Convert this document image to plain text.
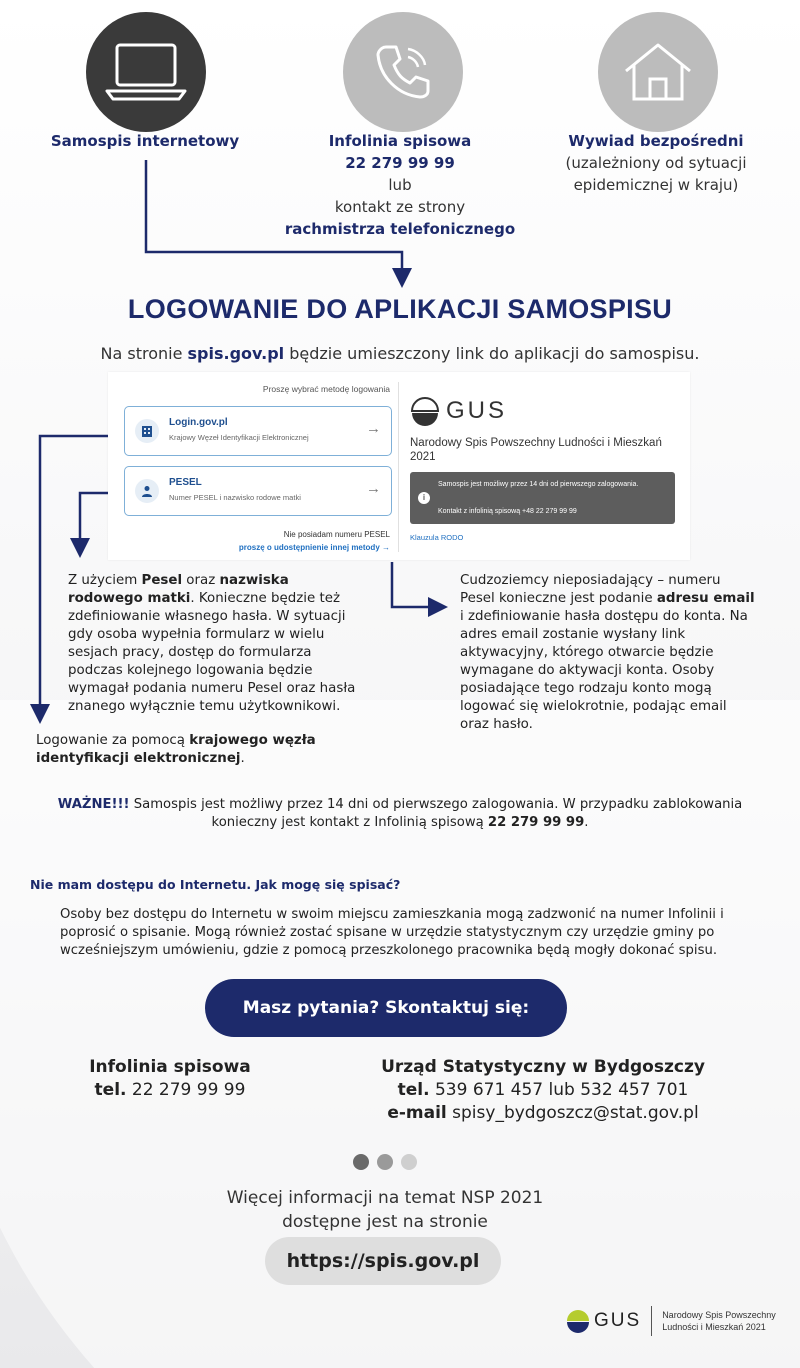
Samospis internetowy	Infolinia spisowa
22 279 99 99
lub
kontakt ze strony
rachmistrza telefonicznego
Wywiad bezpośredni
(uzależniony od sytuacji
epidemicznej w kraju)
LOGOWANIE DO APLIKACJI SAMOSPISU
Na stronie spis.gov.pl będzie umieszczony link do aplikacji do samospisu.
Proszę wybrać metodę logowania
Login.gov.pl
Krajowy Węzeł Identyfikacji Elektronicznej
→
PESEL
Numer PESEL i nazwisko rodowe matki
→
Nie posiadam numeru PESEL
proszę o udostępnienie innej metody →
GUS
Narodowy Spis Powszechny Ludności i Mieszkań 2021
i
Samospis jest możliwy przez 14 dni od pierwszego zalogowania.
Kontakt z infolinią spisową +48 22 279 99 99
Klauzula RODO
Z użyciem Pesel oraz nazwiska rodowego matki. Konieczne będzie też zdefiniowanie własnego hasła. W sytuacji gdy osoba wypełnia formularz w wielu sesjach pracy, dostęp do formularza podczas kolejnego logowania będzie wymagał podania numeru Pesel oraz hasła znanego wyłącznie temu użytkownikowi.
Cudzoziemcy nieposiadający – numeru Pesel konieczne jest podanie adresu email i zdefiniowanie hasła dostępu do konta. Na adres email zostanie wysłany link aktywacyjny, którego otwarcie będzie wymagane do aktywacji konta. Osoby posiadające tego rodzaju konto mogą logować się wielokrotnie, podając email oraz hasło.
Logowanie za pomocą krajowego węzła identyfikacji elektronicznej.
WAŻNE!!! Samospis jest możliwy przez 14 dni od pierwszego zalogowania. W przypadku zablokowania konieczny jest kontakt z Infolinią spisową 22 279 99 99.
Nie mam dostępu do Internetu. Jak mogę się spisać?
Osoby bez dostępu do Internetu w swoim miejscu zamieszkania mogą zadzwonić na numer Infolinii i poprosić o spisanie. Mogą również zostać spisane w urzędzie statystycznym czy urzędzie gminy po wcześniejszym umówieniu, gdzie z pomocą przeszkolonego pracownika będą mogły dokonać spisu.
Masz pytania? Skontaktuj się:
Infolinia spisowa
tel. 22 279 99 99
Urząd Statystyczny w Bydgoszczy
tel. 539 671 457 lub 532 457 701
e-mail spisy_bydgoszcz@stat.gov.pl
Więcej informacji na temat NSP 2021
dostępne jest na stronie
https://spis.gov.pl
GUS Narodowy Spis Powszechny
Ludności i Mieszkań 2021
